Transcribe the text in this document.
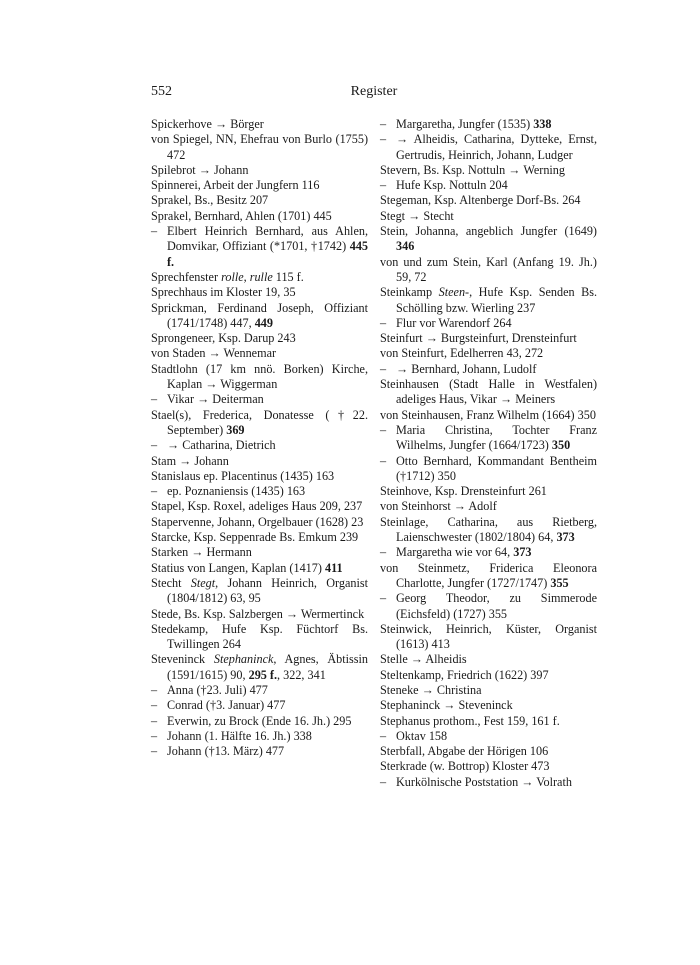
552	Register

Spickerhove → Börger

von Spiegel, NN, Ehefrau von Burlo (1755) 472

Spilebrot → Johann

Spinnerei, Arbeit der Jungfern 116

Sprakel, Bs., Besitz 207

Sprakel, Bernhard, Ahlen (1701) 445

– Elbert Heinrich Bernhard, aus Ahlen, Domvikar, Offiziant (*1701, †1742) 445 f.

Sprechfenster rolle, rulle 115 f.

Sprechhaus im Kloster 19, 35

Sprickman, Ferdinand Joseph, Offiziant (1741/1748) 447, 449

Sprongeneer, Ksp. Darup 243

von Staden → Wennemar

Stadtlohn (17 km nnö. Borken) Kirche, Kaplan → Wiggerman

– Vikar → Deiterman

Stael(s), Frederica, Donatesse (†22. September) 369

– → Catharina, Dietrich

Stam → Johann

Stanislaus ep. Placentinus (1435) 163

– ep. Poznaniensis (1435) 163

Stapel, Ksp. Roxel, adeliges Haus 209, 237

Stapervenne, Johann, Orgelbauer (1628) 23

Starcke, Ksp. Seppenrade Bs. Emkum 239

Starken → Hermann

Statius von Langen, Kaplan (1417) 411

Stecht Stegt, Johann Heinrich, Organist (1804/1812) 63, 95

Stede, Bs. Ksp. Salzbergen → Wermertinck

Stedekamp, Hufe Ksp. Füchtorf Bs. Twillingen 264

Steveninck Stephaninck, Agnes, Äbtissin (1591/1615) 90, 295 f., 322, 341

– Anna (†23. Juli) 477

– Conrad (†3. Januar) 477

– Everwin, zu Brock (Ende 16. Jh.) 295

– Johann (1. Hälfte 16. Jh.) 338

– Johann (†13. März) 477

– Margaretha, Jungfer (1535) 338

– → Alheidis, Catharina, Dytteke, Ernst, Gertrudis, Heinrich, Johann, Ludger

Stevern, Bs. Ksp. Nottuln → Werning

– Hufe Ksp. Nottuln 204

Stegeman, Ksp. Altenberge Dorf-Bs. 264

Stegt → Stecht

Stein, Johanna, angeblich Jungfer (1649) 346

von und zum Stein, Karl (Anfang 19. Jh.) 59, 72

Steinkamp Steen-, Hufe Ksp. Senden Bs. Schölling bzw. Wierling 237

– Flur vor Warendorf 264

Steinfurt → Burgsteinfurt, Drensteinfurt

von Steinfurt, Edelherren 43, 272

– → Bernhard, Johann, Ludolf

Steinhausen (Stadt Halle in Westfalen) adeliges Haus, Vikar → Meiners

von Steinhausen, Franz Wilhelm (1664) 350

– Maria Christina, Tochter Franz Wilhelms, Jungfer (1664/1723) 350

– Otto Bernhard, Kommandant Bentheim (†1712) 350

Steinhove, Ksp. Drensteinfurt 261

von Steinhorst → Adolf

Steinlage, Catharina, aus Rietberg, Laienschwester (1802/1804) 64, 373

– Margaretha wie vor 64, 373

von Steinmetz, Friderica Eleonora Charlotte, Jungfer (1727/1747) 355

– Georg Theodor, zu Simmerode (Eichsfeld) (1727) 355

Steinwick, Heinrich, Küster, Organist (1613) 413

Stelle → Alheidis

Steltenkamp, Friedrich (1622) 397

Steneke → Christina

Stephaninck → Steveninck

Stephanus prothom., Fest 159, 161 f.

– Oktav 158

Sterbfall, Abgabe der Hörigen 106

Sterkrade (w. Bottrop) Kloster 473

– Kurkölnische Poststation → Volrath
